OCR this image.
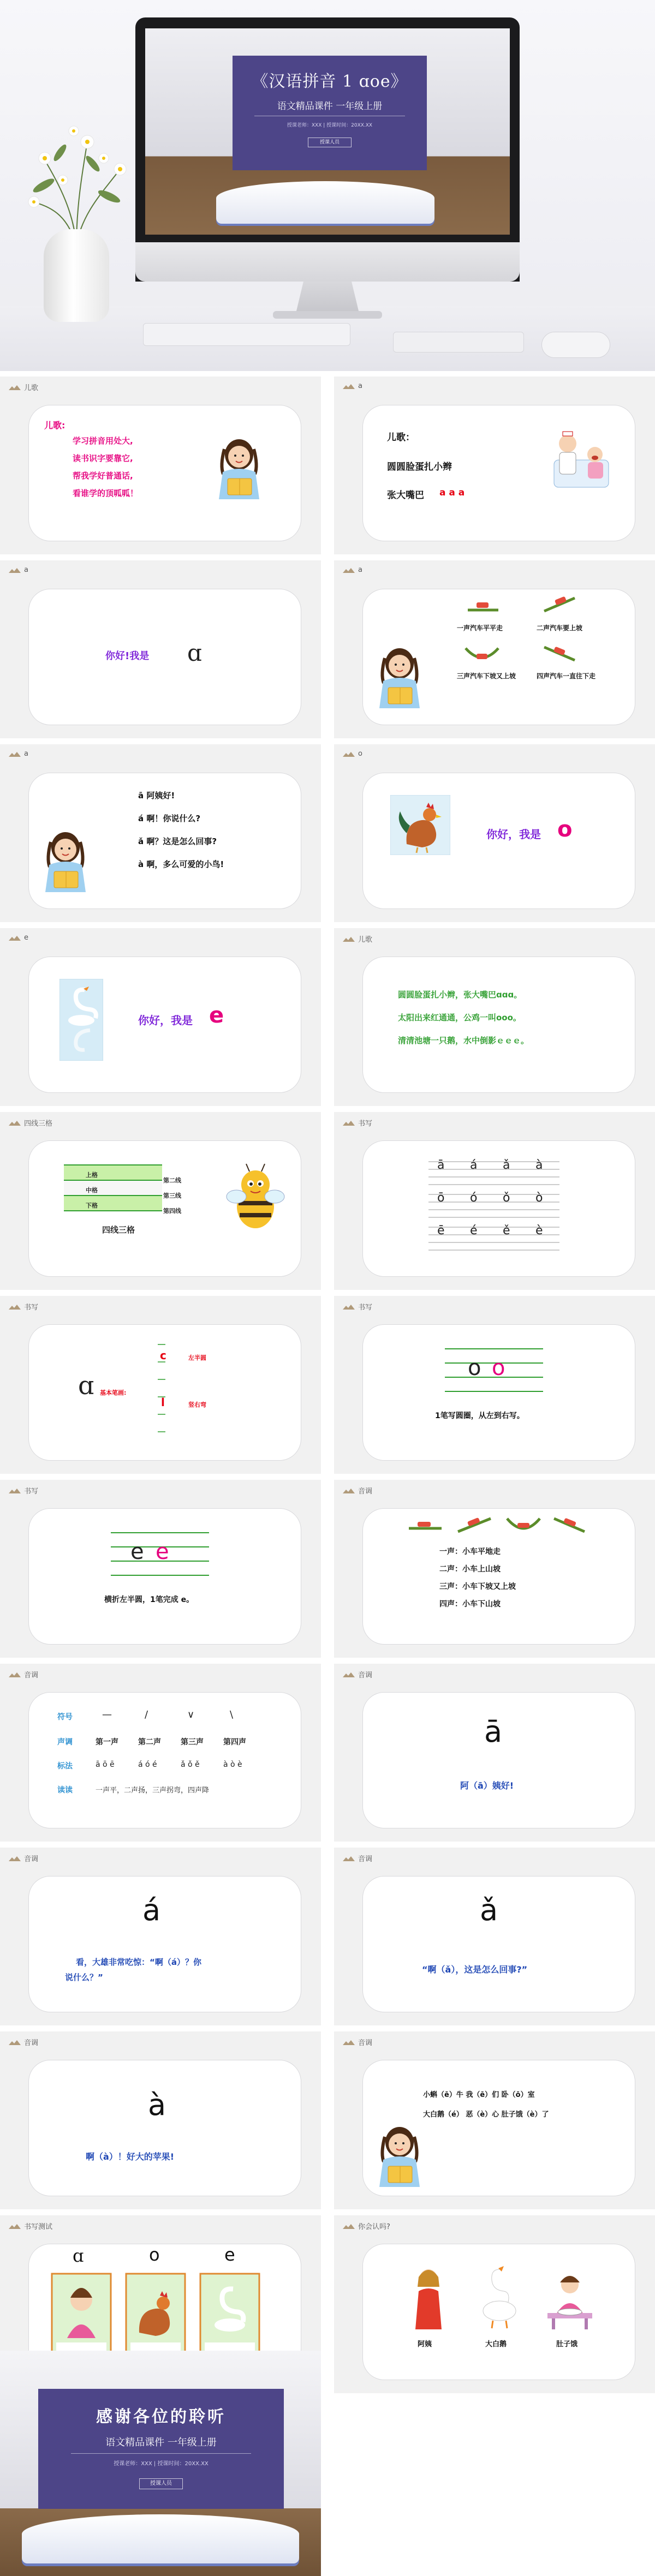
《汉语拼音 1 ɑoe》
语文精品课件 一年级上册
授课老师：XXX | 授课时间：20XX.XX
授课人员
儿歌
儿歌:
学习拼音用处大,
读书识字要靠它,
帮我学好普通话,
看谁学的顶呱呱！
a
儿歌：
圆圆脸蛋扎小辫
张大嘴巴 a a a
a
你好!我是 ɑ
a
一声汽车平平走	二声汽车要上坡
三声汽车下坡又上坡	四声汽车一直往下走
a
ā 阿姨好!
á 啊！你说什么?
ǎ 啊？这是怎么回事?
à 啊，多么可爱的小鸟!
o
你好，我是 o
e
你好，我是 e
儿歌
圆圆脸蛋扎小辫，张大嘴巴ɑɑɑ。
太阳出来红通通，公鸡一叫ooo。
清清池塘一只鹅，水中倒影ｅｅｅ。
四线三格
上格
中格
下格
第二线
第三线
第四线
四线三格
书写
ā á ǎ à
ō ó ǒ ò
ē é ě è
书写
ɑ 基本笔画:
c	左半圆
l	竖右弯
书写
o o
1笔写圆圈，从左到右写。
书写
e e
横折左半圆，1笔完成 e。
音调
一声：小车平地走
二声：小车上山坡
三声：小车下坡又上坡
四声：小车下山坡
音调
符号	—	/	∨	\
声调	第一声	第二声	第三声	第四声
标法	ā ō ē	á ó é	ǎ ǒ ě	à ò è
读读	一声平，二声扬，三声拐弯，四声降
音调
ā
阿（ā）姨好!
音调
á
看，大雄非常吃惊：“啊（á）？你
说什么？”
音调
ǎ
“啊（ǎ），这是怎么回事?”
音调
à
啊（à）！好大的苹果!
音调
小蝌（ē）牛 我（ē）们 卧（ō）室
大白鹅（é） 恶（è）心 肚子饿（è）了
书写测试
ɑ	o	e
你会认吗?
阿姨	大白鹅	肚子饿
感谢各位的聆听
语文精品课件 一年级上册
授课老师：XXX | 授课时间：20XX.XX
授课人员
